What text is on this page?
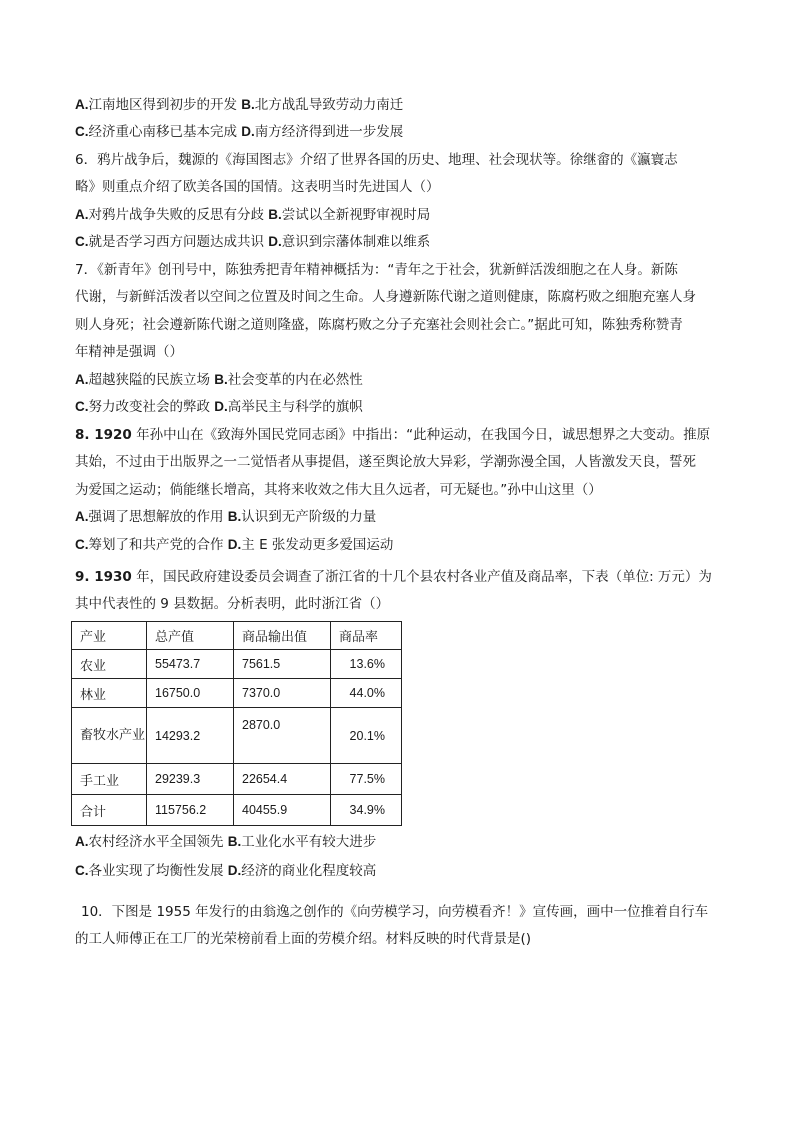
A.江南地区得到初步的开发 B.北方战乱导致劳动力南迁
C.经济重心南移已基本完成 D.南方经济得到进一步发展
6．鸦片战争后，魏源的《海国图志》介绍了世界各国的历史、地理、社会现状等。徐继畲的《瀛寰志
略》则重点介绍了欧美各国的国情。这表明当时先进国人（）
A.对鸦片战争失败的反思有分歧 B.尝试以全新视野审视时局
C.就是否学习西方问题达成共识 D.意识到宗藩体制难以维系
7．《新青年》创刊号中，陈独秀把青年精神概括为：“青年之于社会，犹新鲜活泼细胞之在人身。新陈
代谢，与新鲜活泼者以空间之位置及时间之生命。人身遵新陈代谢之道则健康，陈腐朽败之细胞充塞人身
则人身死；社会遵新陈代谢之道则隆盛，陈腐朽败之分子充塞社会则社会亡。”据此可知，陈独秀称赞青
年精神是强调（）
A.超越狭隘的民族立场 B.社会变革的内在必然性
C.努力改变社会的弊政 D.高举民主与科学的旗帜
8. 1920 年孙中山在《致海外国民党同志函》中指出：“此种运动，在我国今日，诚思想界之大变动。推原
其始，不过由于出版界之一二觉悟者从事提倡，遂至舆论放大异彩，学潮弥漫全国，人皆激发天良，誓死
为爱国之运动；倘能继长增高，其将来收效之伟大且久远者，可无疑也。”孙中山这里（）
A.强调了思想解放的作用 B.认识到无产阶级的力量
C.筹划了和共产党的合作 D.主 E 张发动更多爱国运动
9. 1930 年，国民政府建设委员会调查了浙江省的十几个县农村各业产值及商品率，下表（单位: 万元）为
其中代表性的 9 县数据。分析表明，此时浙江省（）
产业	总产值	商品输出值	商品率
农业	55473.7	7561.5	13.6%
林业	16750.0	7370.0	44.0%
畜牧水产业	14293.2	2870.0	20.1%
手工业	29239.3	22654.4	77.5%
合计	115756.2	40455.9	34.9%
A.农村经济水平全国领先 B.工业化水平有较大进步
C.各业实现了均衡性发展 D.经济的商业化程度较高
10．下图是 1955 年发行的由翁逸之创作的《向劳模学习，向劳模看齐！》宣传画，画中一位推着自行车
的工人师傅正在工厂的光荣榜前看上面的劳模介绍。材料反映的时代背景是()
